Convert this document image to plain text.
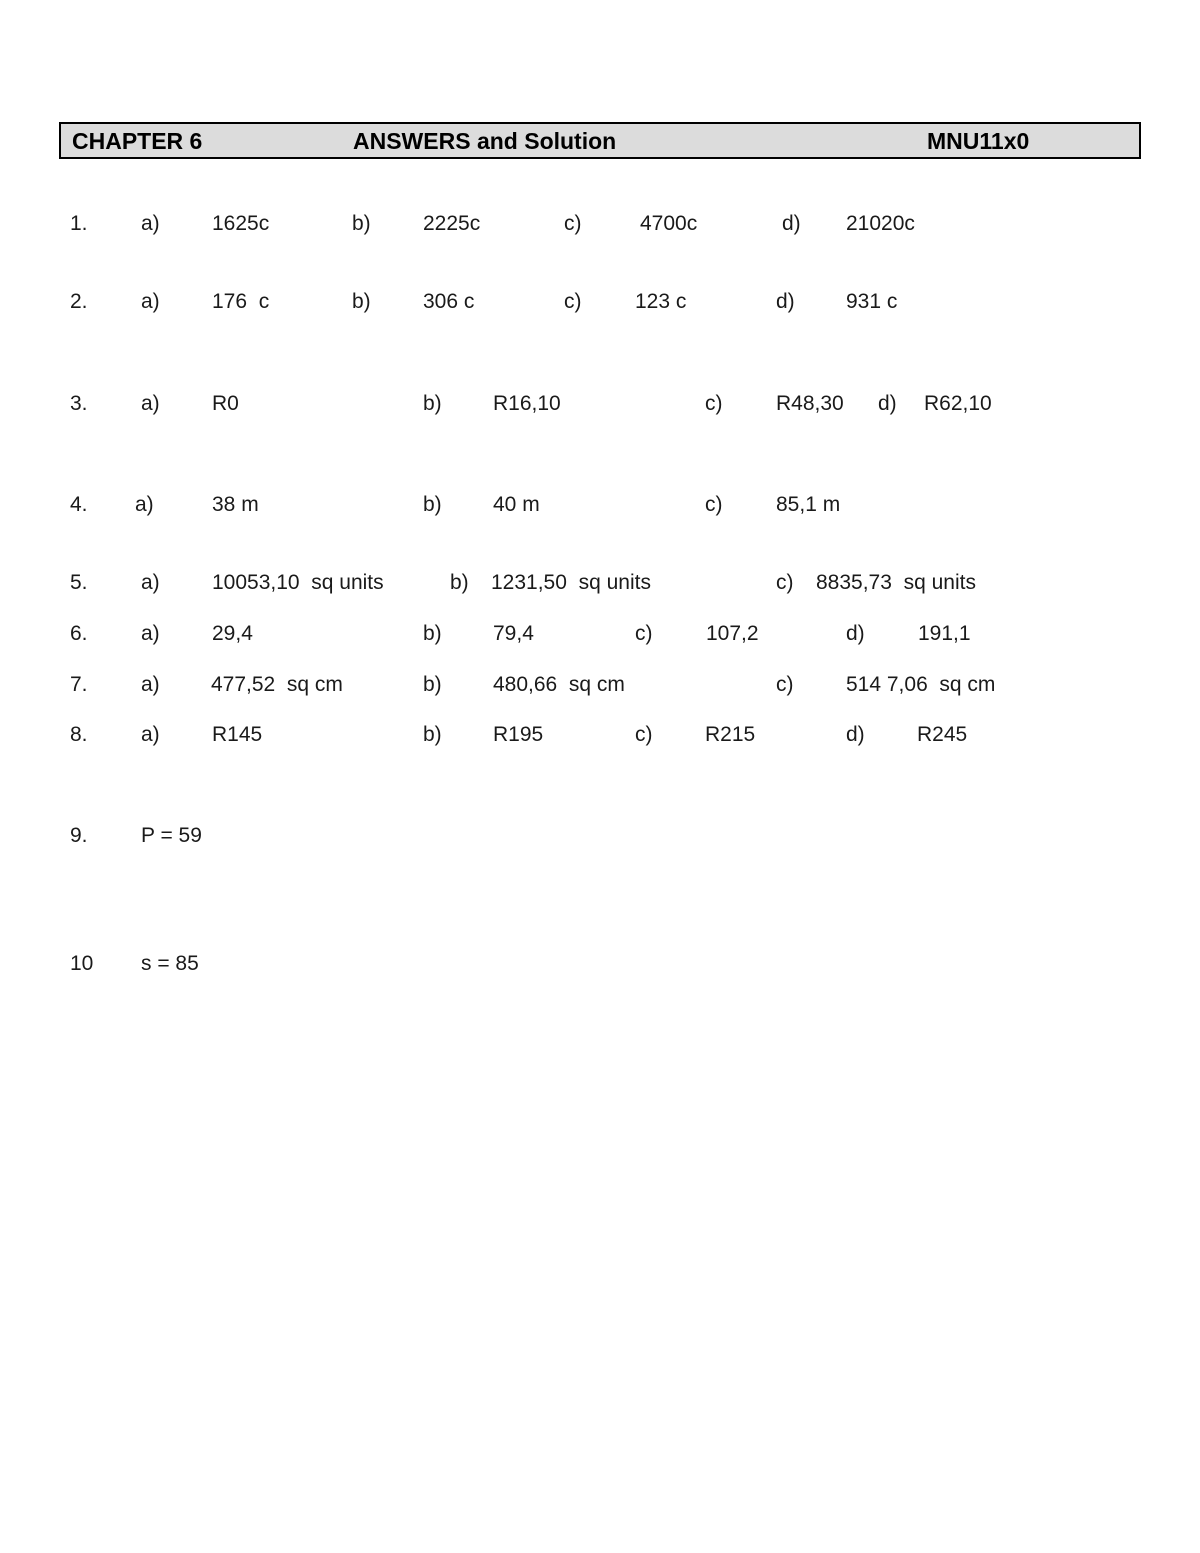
CHAPTER 6	ANSWERS and Solution	MNU11x0
1.	a) 1625c	b) 2225c	c)	4700c	d) 21020c
2.	a) 176  c	b) 306 c	c)	123 c	d) 931 c
3.	a) R0	b) R16,10	c)	R48,30 d) R62,10
4. a)	38 m	b) 40 m	c)	85,1 m
5.	a) 10053,10  sq units	b) 1231,50  sq units	c) 8835,73  sq units
6.	a) 29,4	b) 79,4	c)	107,2	d)	191,1
7.	a) 477,52  sq cm	b) 480,66  sq cm	c)	514 7,06  sq cm
8.	a) R145	b) R195	c)	R215	d) R245
9.	P = 59
10 s = 85
